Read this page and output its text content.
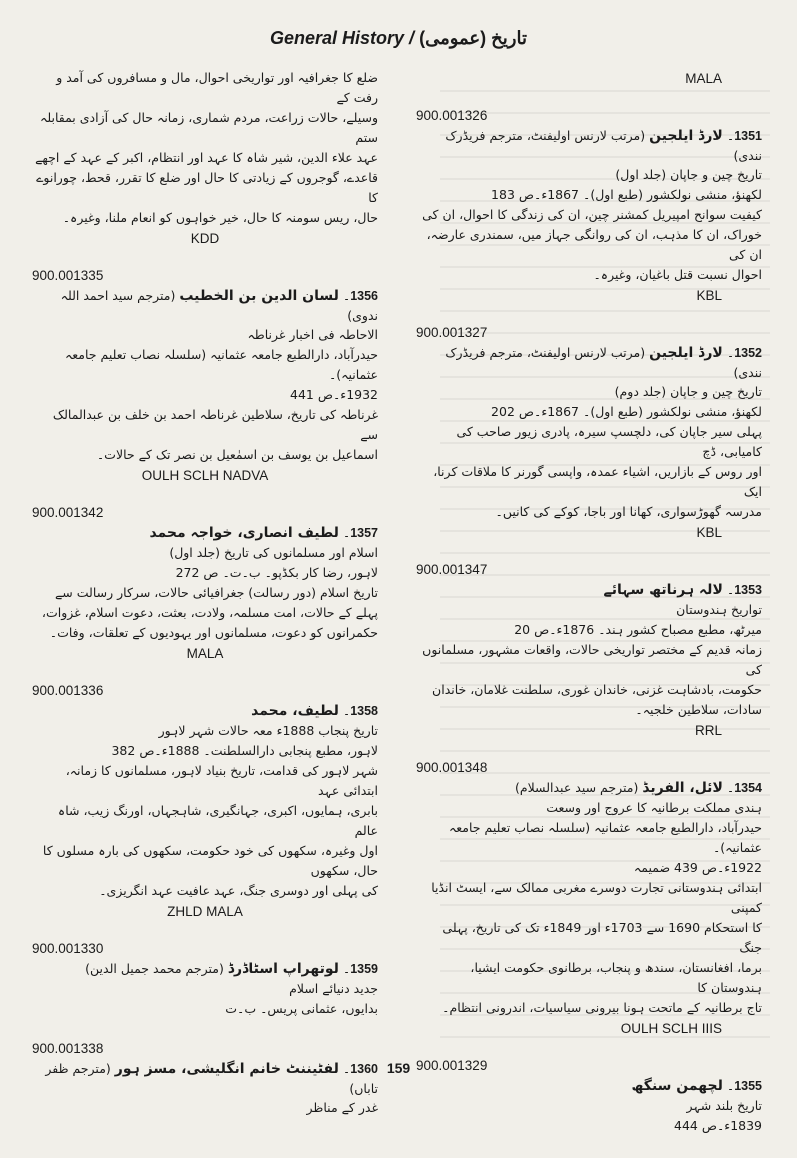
General History / تاریخ (عمومی)
ضلع کا جغرافیہ اور تواریخی احوال، مال و مسافروں کی آمد و رفت کے
وسیلے، حالات زراعت، مردم شماری، زمانہ حال کی آزادی بمقابلہ ستم
عہد علاء الدین، شیر شاہ کا عہد اور انتظام، اکبر کے عہد کے اچھے
قاعدے، گوجروں کے زیادتی کا حال اور ضلع کا تقرر، قحط، چورانوے کا
حال، ریس سومنہ کا حال، خیر خواہوں کو انعام ملنا، وغیرہ۔
KDD
900.001335
1356۔ لسان الدین بن الخطیب (مترجم سید احمد اللہ ندوی)
الاحاطہ فی اخبار غرناطہ
حیدرآباد، دارالطبع جامعہ عثمانیہ (سلسلہ نصاب تعلیم جامعہ عثمانیہ)۔
1932ء۔ص 441
غرناطہ کی تاریخ، سلاطین غرناطہ احمد بن خلف بن عبدالمالک سے
اسماعیل بن یوسف بن اسمٰعیل بن نصر تک کے حالات۔
OULH SCLH NADVA
900.001342
1357۔ لطیف انصاری، خواجہ محمد
اسلام اور مسلمانوں کی تاریخ (جلد اول)
لاہور، رضا کار بکڈپو۔ ب۔ت۔ ص 272
تاریخ اسلام (دور رسالت) جغرافیائی حالات، سرکار رسالت سے
پہلے کے حالات، امت مسلمہ، ولادت، بعثت، دعوت اسلام، غزوات،
حکمرانوں کو دعوت، مسلمانوں اور یہودیوں کے تعلقات، وفات۔
MALA
900.001336
1358۔ لطیف، محمد
تاریخ پنجاب 1888ء معہ حالات شہر لاہور
لاہور، مطبع پنجابی دارالسلطنت۔ 1888ء۔ص 382
شہر لاہور کی قدامت، تاریخ بنیاد لاہور، مسلمانوں کا زمانہ، ابتدائی عہد
بابری، ہمایوں، اکبری، جہانگیری، شاہجہاں، اورنگ زیب، شاہ عالم
اول وغیرہ، سکھوں کی خود حکومت، سکھوں کی بارہ مسلوں کا حال، سکھوں
کی پہلی اور دوسری جنگ، عہد عافیت عہد انگریزی۔
ZHLD MALA
900.001330
1359۔ لوتھراپ اسٹاڈرڈ (مترجم محمد جمیل الدین)
جدید دنیائے اسلام
بدایوں، عثمانی پریس۔ ب۔ت
900.001338
1360۔ لفٹیننٹ خانم انگلیشی، مسز ہور (مترجم ظفر تاباں)
غدر کے مناظر
MALA
900.001326
1351۔ لارڈ ایلجین (مرتب لارنس اولیفنٹ، مترجم فریڈرک نندی)
تاریخ چین و جاپان (جلد اول)
لکھنؤ، منشی نولکشور (طبع اول)۔ 1867ء۔ص 183
کیفیت سوانح امپیریل کمشنر چین، ان کی زندگی کا احوال، ان کی
خوراک، ان کا مذہب، ان کی روانگی جہاز میں، سمندری عارضہ، ان کی
احوال نسبت قتل باغیان، وغیرہ۔
KBL
900.001327
1352۔ لارڈ ایلجین (مرتب لارنس اولیفنٹ، مترجم فریڈرک نندی)
تاریخ چین و جاپان (جلد دوم)
لکھنؤ، منشی نولکشور (طبع اول)۔ 1867ء۔ص 202
پہلی سیر جاپان کی، دلچسپ سیرہ، پادری زیور صاحب کی کامیابی، ڈچ
اور روس کے بازاریں، اشیاء عمدہ، واپسی گورنر کا ملاقات کرنا، ایک
مدرسہ گھوڑسواری، کھانا اور باجا، کوکے کی کانیں۔
KBL
900.001347
1353۔ لالہ ہرناتھ سہائے
تواریخ ہندوستان
میرٹھ، مطبع مصباح کشور ہند۔ 1876ء۔ص 20
زمانہ قدیم کے مختصر تواریخی حالات، واقعات مشہور، مسلمانوں کی
حکومت، بادشاہت غزنی، خاندان غوری، سلطنت غلامان، خاندان
سادات، سلاطین خلجیہ۔
RRL
900.001348
1354۔ لائل، الفریڈ (مترجم سید عبدالسلام)
ہندی مملکت برطانیہ کا عروج اور وسعت
حیدرآباد، دارالطبع جامعہ عثمانیہ (سلسلہ نصاب تعلیم جامعہ عثمانیہ)۔
1922ء۔ص 439 ضمیمہ
ابتدائی ہندوستانی تجارت دوسرے مغربی ممالک سے، ایسٹ انڈیا کمپنی
کا استحکام 1690 سے 1703ء اور 1849ء تک کی تاریخ، پہلی جنگ
برما، افغانستان، سندھ و پنجاب، برطانوی حکومت ایشیا، ہندوستان کا
تاج برطانیہ کے ماتحت ہونا بیرونی سیاسیات، اندرونی انتظام۔
OULH SCLH IIIS
900.001329
1355۔ لچھمن سنگھ
تاریخ بلند شہر
1839ء۔ص 444
159
